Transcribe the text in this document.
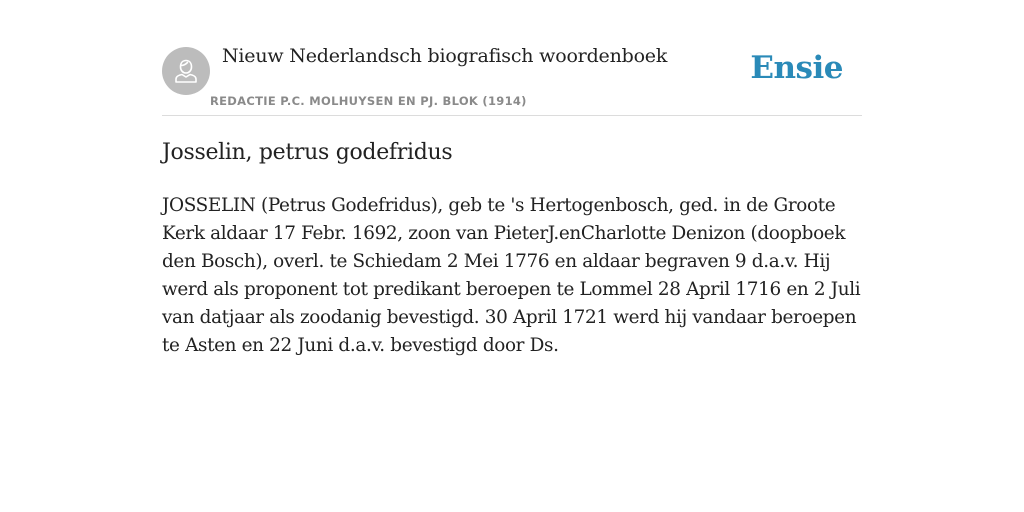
Nieuw Nederlandsch biografisch woordenboek
REDACTIE P.C. MOLHUYSEN EN PJ. BLOK (1914)
Ensie
Josselin, petrus godefridus

JOSSELIN (Petrus Godefridus), geb te 's Hertogenbosch, ged. in de Groote Kerk aldaar 17 Febr. 1692, zoon van PieterJ.enCharlotte Denizon (doopboek den Bosch), overl. te Schiedam 2 Mei 1776 en aldaar begraven 9 d.a.v. Hij werd als proponent tot predikant beroepen te Lommel 28 April 1716 en 2 Juli van datjaar als zoodanig bevestigd. 30 April 1721 werd hij vandaar beroepen te Asten en 22 Juni d.a.v. bevestigd door Ds.
